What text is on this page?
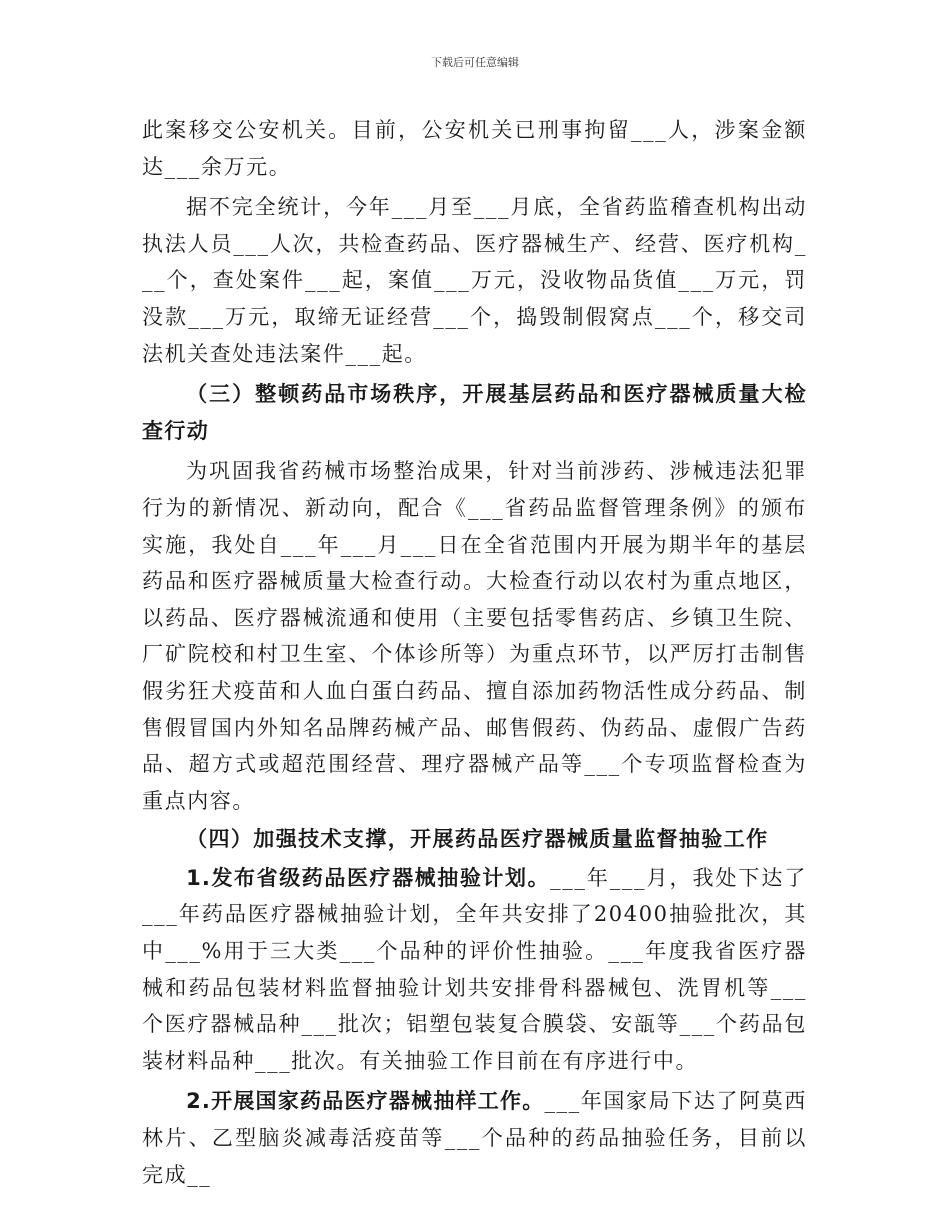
下载后可任意编辑

此案移交公安机关。目前，公安机关已刑事拘留___人，涉案金额达___余万元。

据不完全统计，今年___月至___月底，全省药监稽查机构出动执法人员___人次，共检查药品、医疗器械生产、经营、医疗机构___个，查处案件___起，案值___万元，没收物品货值___万元，罚没款___万元，取缔无证经营___个，捣毁制假窝点___个，移交司法机关查处违法案件___起。

（三）整顿药品市场秩序，开展基层药品和医疗器械质量大检查行动

为巩固我省药械市场整治成果，针对当前涉药、涉械违法犯罪行为的新情况、新动向，配合《___省药品监督管理条例》的颁布实施，我处自___年___月___日在全省范围内开展为期半年的基层药品和医疗器械质量大检查行动。大检查行动以农村为重点地区，以药品、医疗器械流通和使用（主要包括零售药店、乡镇卫生院、厂矿院校和村卫生室、个体诊所等）为重点环节，以严厉打击制售假劣狂犬疫苗和人血白蛋白药品、擅自添加药物活性成分药品、制售假冒国内外知名品牌药械产品、邮售假药、伪药品、虚假广告药品、超方式或超范围经营、理疗器械产品等___个专项监督检查为重点内容。

（四）加强技术支撑，开展药品医疗器械质量监督抽验工作

1.发布省级药品医疗器械抽验计划。___年___月，我处下达了___年药品医疗器械抽验计划，全年共安排了20400抽验批次，其中___%用于三大类___个品种的评价性抽验。___年度我省医疗器械和药品包装材料监督抽验计划共安排骨科器械包、洗胃机等___个医疗器械品种___批次；铝塑包装复合膜袋、安瓿等___个药品包装材料品种___批次。有关抽验工作目前在有序进行中。

2.开展国家药品医疗器械抽样工作。___年国家局下达了阿莫西林片、乙型脑炎减毒活疫苗等___个品种的药品抽验任务，目前以完成__
